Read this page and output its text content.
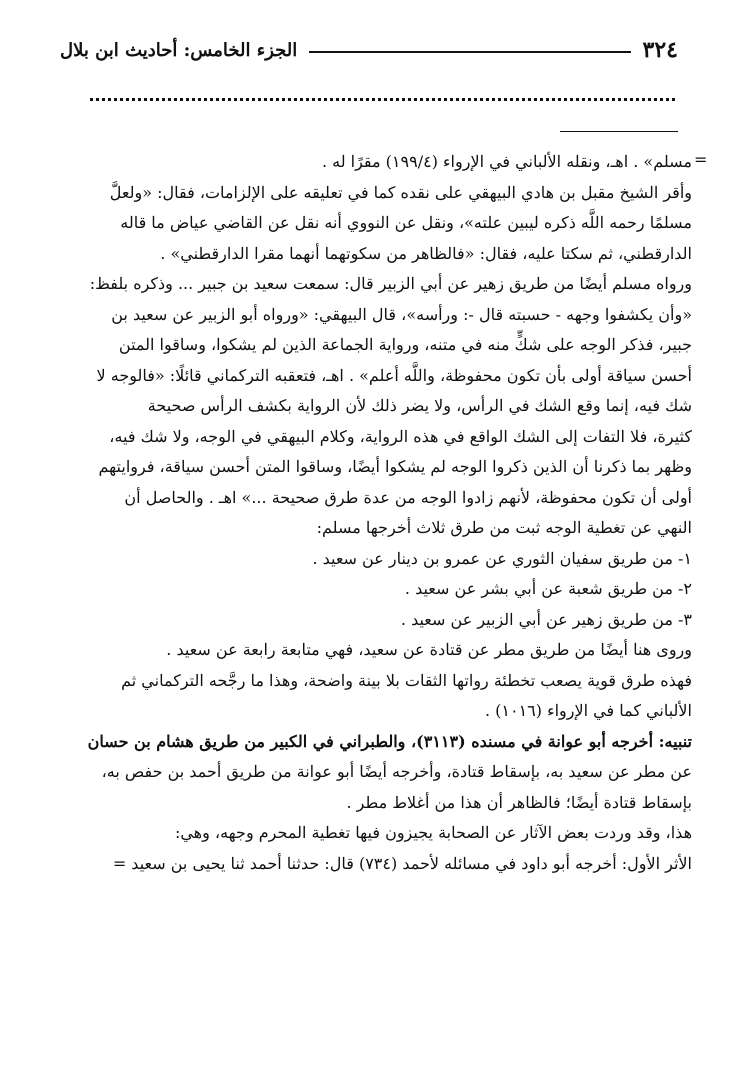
٣٢٤
الجزء الخامس: أحاديث ابن بلال
=

مسلم» . اهـ، ونقله الألباني في الإرواء (١٩٩/٤) مقرًا له .

وأقر الشيخ مقبل بن هادي البيهقي على نقده كما في تعليقه على الإلزامات، فقال: «ولعلَّ

مسلمًا رحمه اللَّه ذكره ليبين علته»، ونقل عن النووي أنه نقل عن القاضي عياض ما قاله

الدارقطني، ثم سكتا عليه، فقال: «فالظاهر من سكوتهما أنهما مقرا الدارقطني» .

ورواه مسلم أيضًا من طريق زهير عن أبي الزبير قال: سمعت سعيد بن جبير ... وذكره بلفظ:

«وأن يكشفوا وجهه - حسبته قال -: ورأسه»، قال البيهقي: «ورواه أبو الزبير عن سعيد بن

جبير، فذكر الوجه على شكٍّ منه في متنه، ورواية الجماعة الذين لم يشكوا، وساقوا المتن

أحسن سياقة أولى بأن تكون محفوظة، واللَّه أعلم» . اهـ، فتعقبه التركماني قائلًا: «فالوجه لا

شك فيه، إنما وقع الشك في الرأس، ولا يضر ذلك لأن الرواية بكشف الرأس صحيحة

كثيرة، فلا التفات إلى الشك الواقع في هذه الرواية، وكلام البيهقي في الوجه، ولا شك فيه،

وظهر بما ذكرنا أن الذين ذكروا الوجه لم يشكوا أيضًا، وساقوا المتن أحسن سياقة، فروايتهم

أولى أن تكون محفوظة، لأنهم زادوا الوجه من عدة طرق صحيحة ...» اهـ . والحاصل أن

النهي عن تغطية الوجه ثبت من طرق ثلاث أخرجها مسلم:

١- من طريق سفيان الثوري عن عمرو بن دينار عن سعيد .

٢- من طريق شعبة عن أبي بشر عن سعيد .

٣- من طريق زهير عن أبي الزبير عن سعيد .

وروى هنا أيضًا من طريق مطر عن قتادة عن سعيد، فهي متابعة رابعة عن سعيد .

فهذه طرق قوية يصعب تخطئة رواتها الثقات بلا بينة واضحة، وهذا ما رجَّحه التركماني ثم

الألباني كما في الإرواء (١٠١٦) .

تنبيه: أخرجه أبو عوانة في مسنده (٣١١٣)، والطبراني في الكبير من طريق هشام بن حسان

عن مطر عن سعيد به، بإسقاط قتادة، وأخرجه أيضًا أبو عوانة من طريق أحمد بن حفص به،

بإسقاط قتادة أيضًا؛ فالظاهر أن هذا من أغلاط مطر .

هذا، وقد وردت بعض الآثار عن الصحابة يجيزون فيها تغطية المحرم وجهه، وهي:

الأثر الأول: أخرجه أبو داود في مسائله لأحمد (٧٣٤) قال: حدثنا أحمد ثنا يحيى بن سعيد =
